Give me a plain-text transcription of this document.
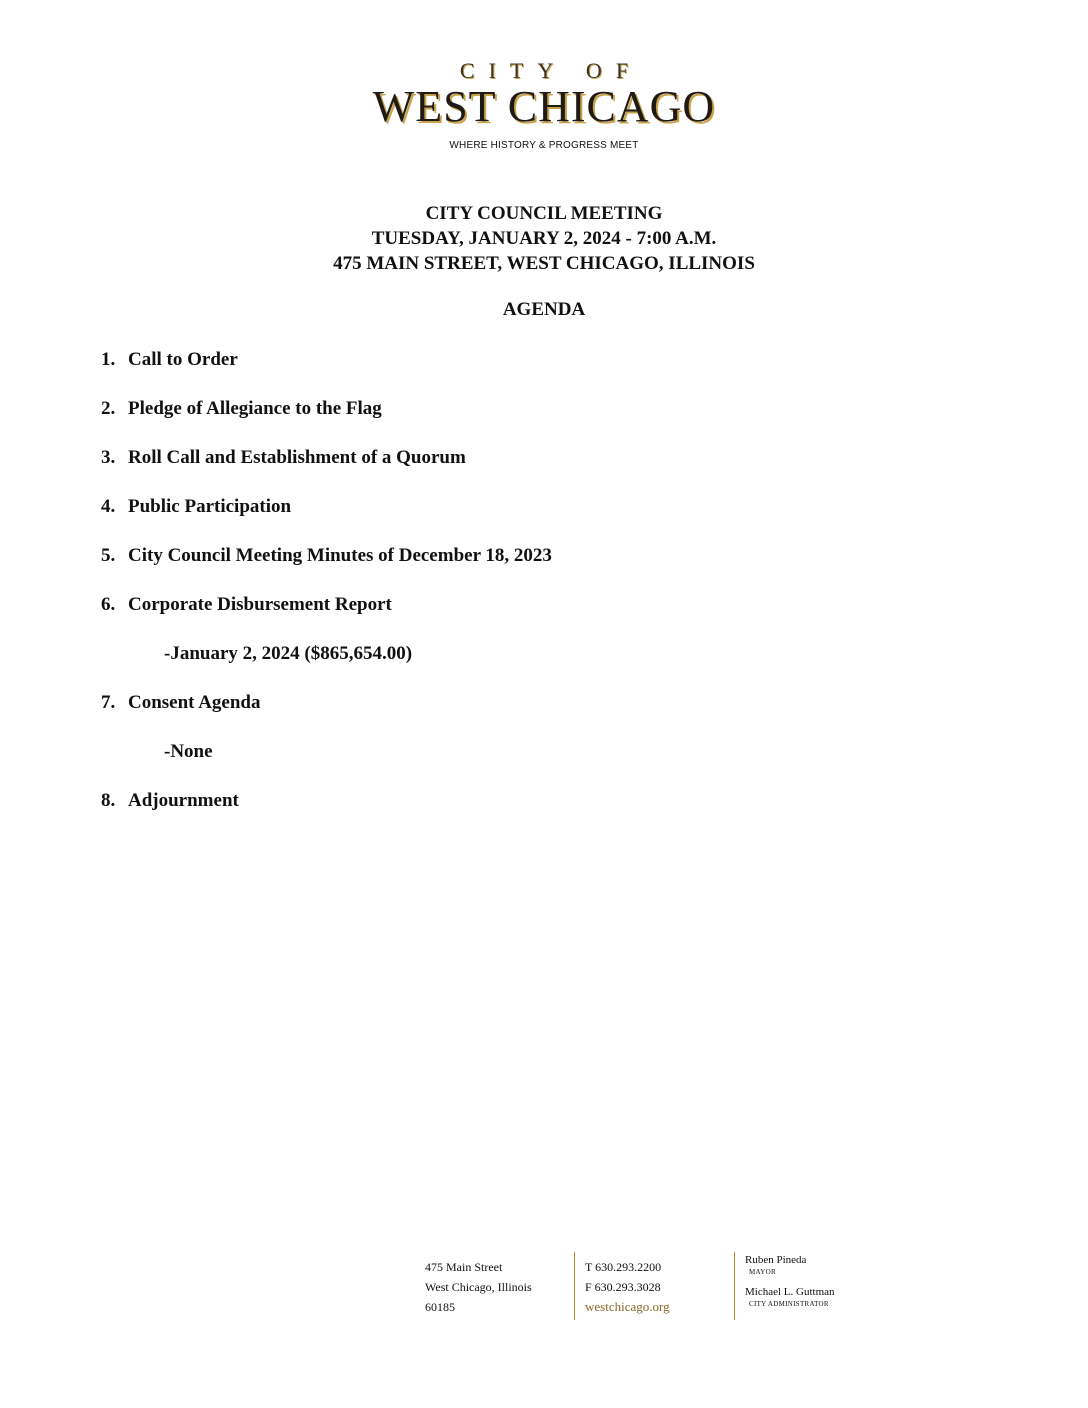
CITY OF
WEST CHICAGO
WHERE HISTORY & PROGRESS MEET
CITY COUNCIL MEETING
TUESDAY, JANUARY 2, 2024 - 7:00 A.M.
475 MAIN STREET, WEST CHICAGO, ILLINOIS
AGENDA
1. Call to Order
2. Pledge of Allegiance to the Flag
3. Roll Call and Establishment of a Quorum
4. Public Participation
5. City Council Meeting Minutes of December 18, 2023
6. Corporate Disbursement Report
-January 2, 2024 ($865,654.00)
7. Consent Agenda
-None
8. Adjournment
475 Main Street
West Chicago, Illinois
60185
T 630.293.2200
F 630.293.3028
westchicago.org
Ruben Pineda
MAYOR
Michael L. Guttman
CITY ADMINISTRATOR
